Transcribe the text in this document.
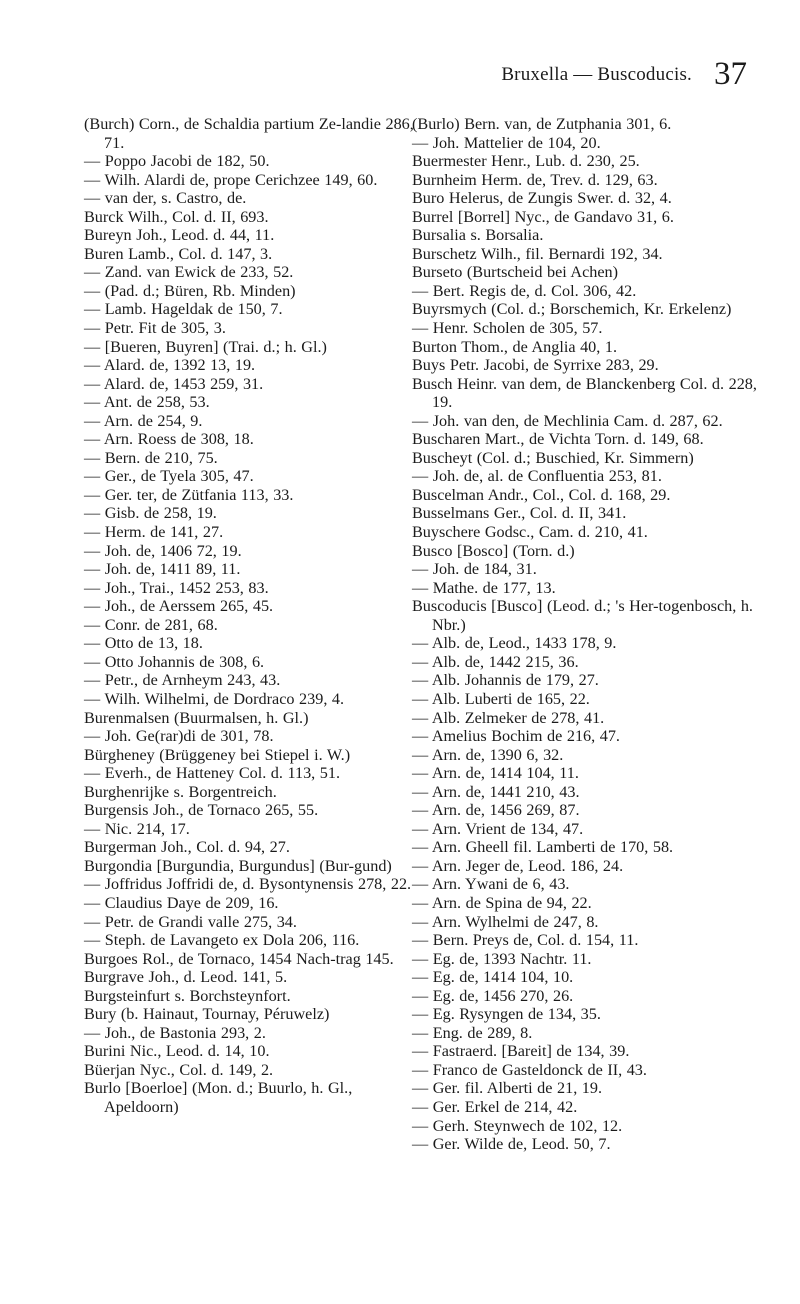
Bruxella — Buscoducis. 37
(Burch) Corn., de Schaldia partium Ze-landie 286, 71.
— Poppo Jacobi de 182, 50.
— Wilh. Alardi de, prope Cerichzee 149, 60.
— van der, s. Castro, de.
Burck Wilh., Col. d. II, 693.
Bureyn Joh., Leod. d. 44, 11.
Buren Lamb., Col. d. 147, 3.
— Zand. van Ewick de 233, 52.
— (Pad. d.; Büren, Rb. Minden)
— Lamb. Hageldak de 150, 7.
— Petr. Fit de 305, 3.
— [Bueren, Buyren] (Trai. d.; h. Gl.)
— Alard. de, 1392 13, 19.
— Alard. de, 1453 259, 31.
— Ant. de 258, 53.
— Arn. de 254, 9.
— Arn. Roess de 308, 18.
— Bern. de 210, 75.
— Ger., de Tyela 305, 47.
— Ger. ter, de Zütfania 113, 33.
— Gisb. de 258, 19.
— Herm. de 141, 27.
— Joh. de, 1406 72, 19.
— Joh. de, 1411 89, 11.
— Joh., Trai., 1452 253, 83.
— Joh., de Aerssem 265, 45.
— Conr. de 281, 68.
— Otto de 13, 18.
— Otto Johannis de 308, 6.
— Petr., de Arnheym 243, 43.
— Wilh. Wilhelmi, de Dordraco 239, 4.
Burenmalsen (Buurmalsen, h. Gl.)
— Joh. Ge(rar)di de 301, 78.
Bürgheney (Brüggeney bei Stiepel i. W.)
— Everh., de Hatteney Col. d. 113, 51.
Burghenrijke s. Borgentreich.
Burgensis Joh., de Tornaco 265, 55.
— Nic. 214, 17.
Burgerman Joh., Col. d. 94, 27.
Burgondia [Burgundia, Burgundus] (Bur-gund)
— Joffridus Joffridi de, d. Bysontynensis 278, 22.
— Claudius Daye de 209, 16.
— Petr. de Grandi valle 275, 34.
— Steph. de Lavangeto ex Dola 206, 116.
Burgoes Rol., de Tornaco, 1454 Nach-trag 145.
Burgrave Joh., d. Leod. 141, 5.
Burgsteinfurt s. Borchsteynfort.
Bury (b. Hainaut, Tournay, Péruwelz)
— Joh., de Bastonia 293, 2.
Burini Nic., Leod. d. 14, 10.
Büerjan Nyc., Col. d. 149, 2.
Burlo [Boerloe] (Mon. d.; Buurlo, h. Gl., Apeldoorn)
(Burlo) Bern. van, de Zutphania 301, 6.
— Joh. Mattelier de 104, 20.
Buermester Henr., Lub. d. 230, 25.
Burnheim Herm. de, Trev. d. 129, 63.
Buro Helerus, de Zungis Swer. d. 32, 4.
Burrel [Borrel] Nyc., de Gandavo 31, 6.
Bursalia s. Borsalia.
Burschetz Wilh., fil. Bernardi 192, 34.
Burseto (Burtscheid bei Achen)
— Bert. Regis de, d. Col. 306, 42.
Buyrsmych (Col. d.; Borschemich, Kr. Erkelenz)
— Henr. Scholen de 305, 57.
Burton Thom., de Anglia 40, 1.
Buys Petr. Jacobi, de Syrrixe 283, 29.
Busch Heinr. van dem, de Blanckenberg Col. d. 228, 19.
— Joh. van den, de Mechlinia Cam. d. 287, 62.
Buscharen Mart., de Vichta Torn. d. 149, 68.
Buscheyt (Col. d.; Buschied, Kr. Simmern)
— Joh. de, al. de Confluentia 253, 81.
Buscelman Andr., Col., Col. d. 168, 29.
Busselmans Ger., Col. d. II, 341.
Buyschere Godsc., Cam. d. 210, 41.
Busco [Bosco] (Torn. d.)
— Joh. de 184, 31.
— Mathe. de 177, 13.
Buscoducis [Busco] (Leod. d.; 's Her-togenbosch, h. Nbr.)
— Alb. de, Leod., 1433 178, 9.
— Alb. de, 1442 215, 36.
— Alb. Johannis de 179, 27.
— Alb. Luberti de 165, 22.
— Alb. Zelmeker de 278, 41.
— Amelius Bochim de 216, 47.
— Arn. de, 1390 6, 32.
— Arn. de, 1414 104, 11.
— Arn. de, 1441 210, 43.
— Arn. de, 1456 269, 87.
— Arn. Vrient de 134, 47.
— Arn. Gheell fil. Lamberti de 170, 58.
— Arn. Jeger de, Leod. 186, 24.
— Arn. Ywani de 6, 43.
— Arn. de Spina de 94, 22.
— Arn. Wylhelmi de 247, 8.
— Bern. Preys de, Col. d. 154, 11.
— Eg. de, 1393 Nachtr. 11.
— Eg. de, 1414 104, 10.
— Eg. de, 1456 270, 26.
— Eg. Rysyngen de 134, 35.
— Eng. de 289, 8.
— Fastraerd. [Bareit] de 134, 39.
— Franco de Gasteldonck de II, 43.
— Ger. fil. Alberti de 21, 19.
— Ger. Erkel de 214, 42.
— Gerh. Steynwech de 102, 12.
— Ger. Wilde de, Leod. 50, 7.
